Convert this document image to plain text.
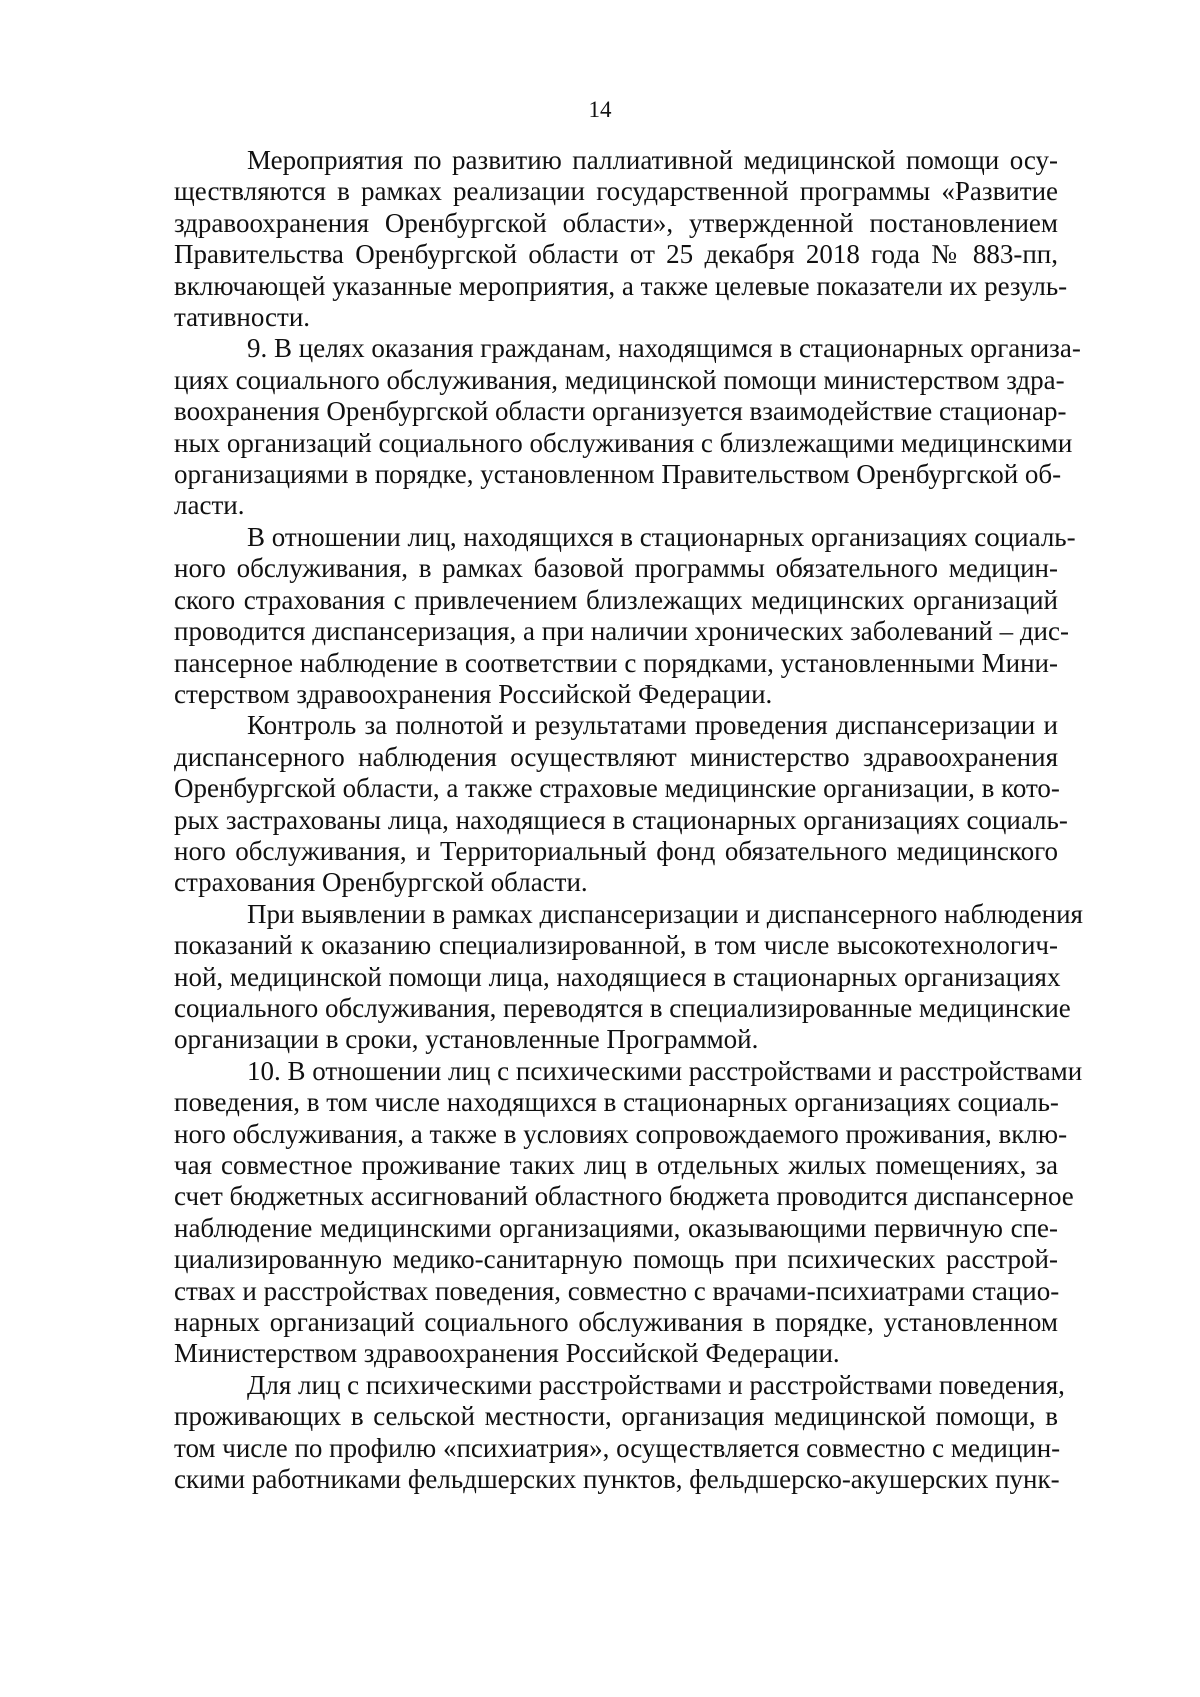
14

Мероприятия по развитию паллиативной медицинской помощи осу-
ществляются в рамках реализации государственной программы «Развитие
здравоохранения Оренбургской области», утвержденной постановлением
Правительства Оренбургской области от 25 декабря 2018 года № 883-пп,
включающей указанные мероприятия, а также целевые показатели их резуль-
тативности.

9. В целях оказания гражданам, находящимся в стационарных организа-
циях социального обслуживания, медицинской помощи министерством здра-
воохранения Оренбургской области организуется взаимодействие стационар-
ных организаций социального обслуживания с близлежащими медицинскими
организациями в порядке, установленном Правительством Оренбургской об-
ласти.

В отношении лиц, находящихся в стационарных организациях социаль-
ного обслуживания, в рамках базовой программы обязательного медицин-
ского страхования с привлечением близлежащих медицинских организаций
проводится диспансеризация, а при наличии хронических заболеваний – дис-
пансерное наблюдение в соответствии с порядками, установленными Мини-
стерством здравоохранения Российской Федерации.

Контроль за полнотой и результатами проведения диспансеризации и
диспансерного наблюдения осуществляют министерство здравоохранения
Оренбургской области, а также страховые медицинские организации, в кото-
рых застрахованы лица, находящиеся в стационарных организациях социаль-
ного обслуживания, и Территориальный фонд обязательного медицинского
страхования Оренбургской области.

При выявлении в рамках диспансеризации и диспансерного наблюдения
показаний к оказанию специализированной, в том числе высокотехнологич-
ной, медицинской помощи лица, находящиеся в стационарных организациях
социального обслуживания, переводятся в специализированные медицинские
организации в сроки, установленные Программой.

10. В отношении лиц с психическими расстройствами и расстройствами
поведения, в том числе находящихся в стационарных организациях социаль-
ного обслуживания, а также в условиях сопровождаемого проживания, вклю-
чая совместное проживание таких лиц в отдельных жилых помещениях, за
счет бюджетных ассигнований областного бюджета проводится диспансерное
наблюдение медицинскими организациями, оказывающими первичную спе-
циализированную медико-санитарную помощь при психических расстрой-
ствах и расстройствах поведения, совместно с врачами-психиатрами стацио-
нарных организаций социального обслуживания в порядке, установленном
Министерством здравоохранения Российской Федерации.

Для лиц с психическими расстройствами и расстройствами поведения,
проживающих в сельской местности, организация медицинской помощи, в
том числе по профилю «психиатрия», осуществляется совместно с медицин-
скими работниками фельдшерских пунктов, фельдшерско-акушерских пунк-
